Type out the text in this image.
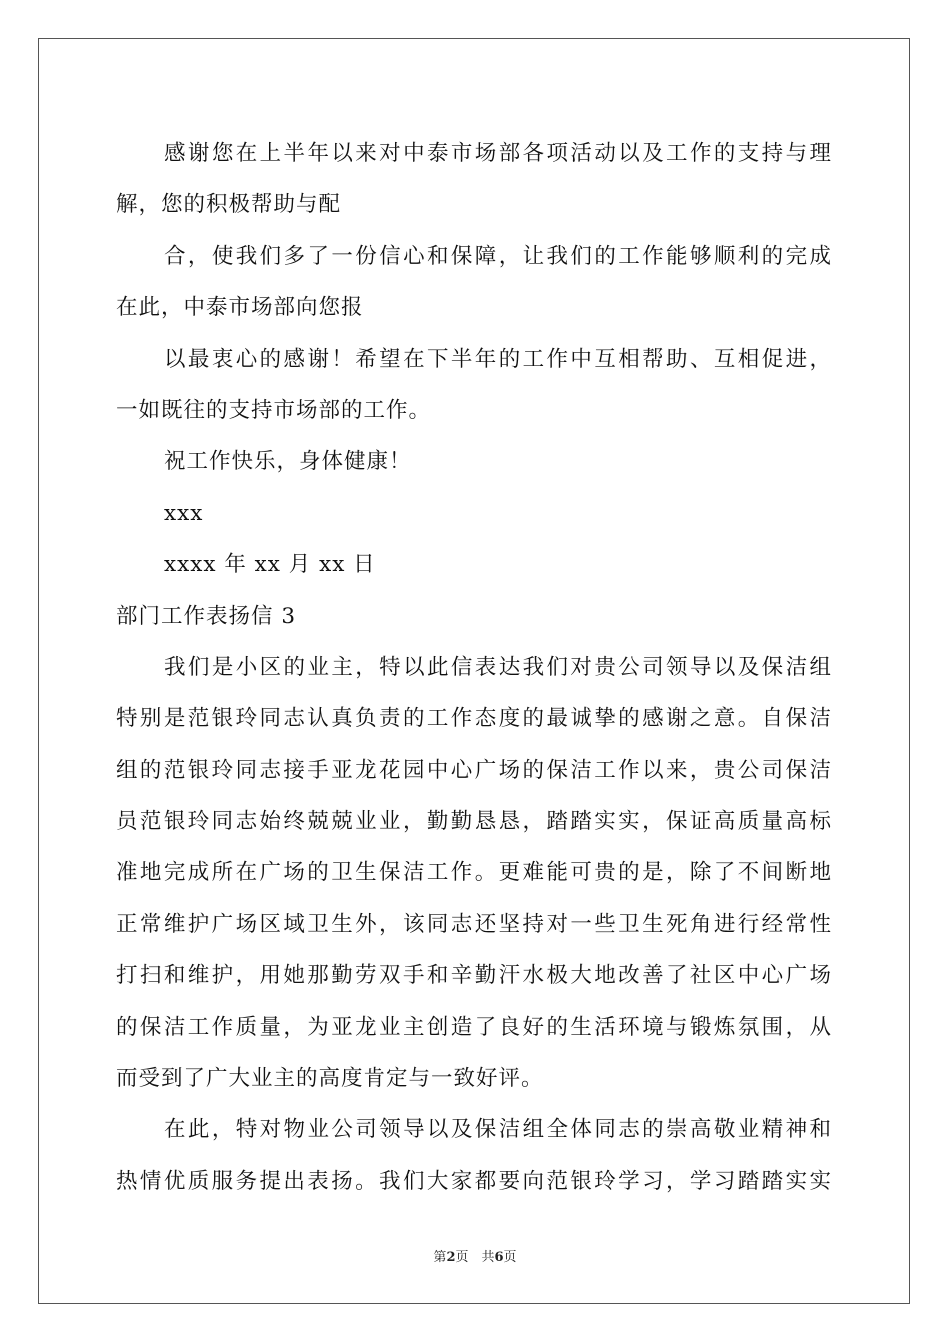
感谢您在上半年以来对中泰市场部各项活动以及工作的支持与理
解，您的积极帮助与配
合，使我们多了一份信心和保障，让我们的工作能够顺利的完成
在此，中泰市场部向您报
以最衷心的感谢！希望在下半年的工作中互相帮助、互相促进，
一如既往的支持市场部的工作。
祝工作快乐，身体健康！
xxx
xxxx 年 xx 月 xx 日
部门工作表扬信 3
我们是小区的业主，特以此信表达我们对贵公司领导以及保洁组
特别是范银玲同志认真负责的工作态度的最诚挚的感谢之意。自保洁
组的范银玲同志接手亚龙花园中心广场的保洁工作以来，贵公司保洁
员范银玲同志始终兢兢业业，勤勤恳恳，踏踏实实，保证高质量高标
准地完成所在广场的卫生保洁工作。更难能可贵的是，除了不间断地
正常维护广场区域卫生外，该同志还坚持对一些卫生死角进行经常性
打扫和维护，用她那勤劳双手和辛勤汗水极大地改善了社区中心广场
的保洁工作质量，为亚龙业主创造了良好的生活环境与锻炼氛围，从
而受到了广大业主的高度肯定与一致好评。
在此，特对物业公司领导以及保洁组全体同志的崇高敬业精神和
热情优质服务提出表扬。我们大家都要向范银玲学习，学习踏踏实实
第2页　共6页
